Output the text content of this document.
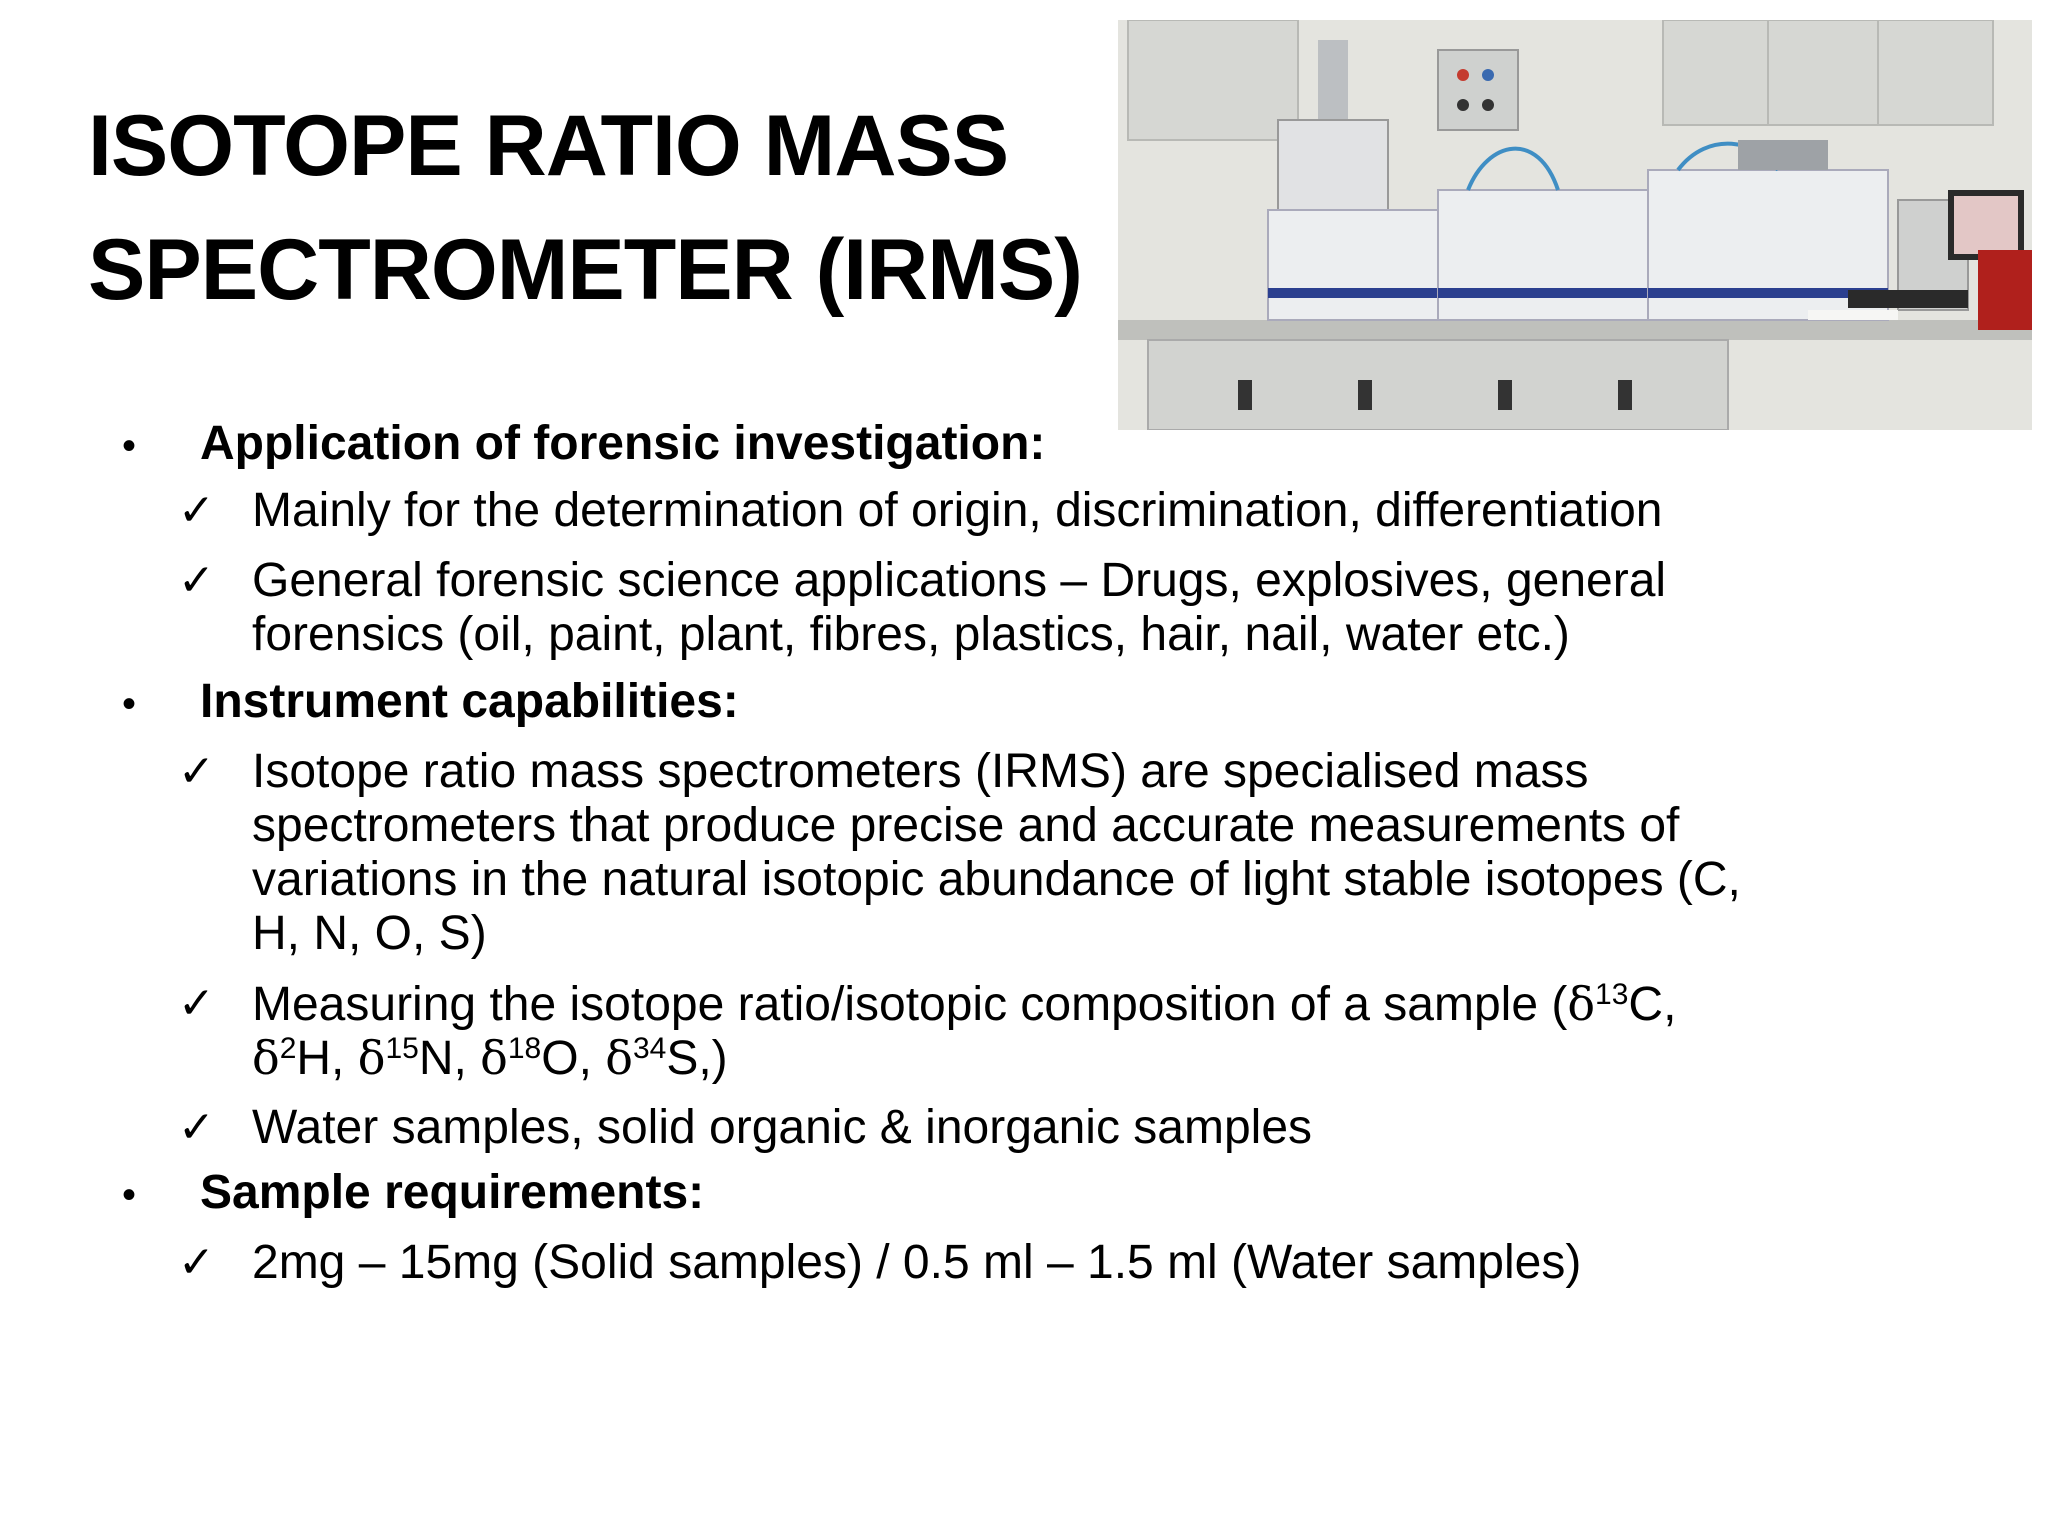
ISOTOPE RATIO MASS
SPECTROMETER (IRMS)
• Application of forensic investigation:
✓ Mainly for the determination of origin, discrimination, differentiation
✓ General forensic science applications – Drugs, explosives, general
forensics (oil, paint, plant, fibres, plastics, hair, nail, water etc.)
• Instrument capabilities:
✓ Isotope ratio mass spectrometers (IRMS) are specialised mass
spectrometers that produce precise and accurate measurements of
variations in the natural isotopic abundance of light stable isotopes (C,
H, N, O, S)
✓ Measuring the isotope ratio/isotopic composition of a sample ($\delta^{13}C$,
$\delta^2H$, $\delta^{15}N$, $\delta^{18}O$, $\delta^{34}S$,)
✓ Water samples, solid organic & inorganic samples
• Sample requirements:
✓ 2mg – 15mg (Solid samples) / 0.5 ml – 1.5 ml (Water samples)
